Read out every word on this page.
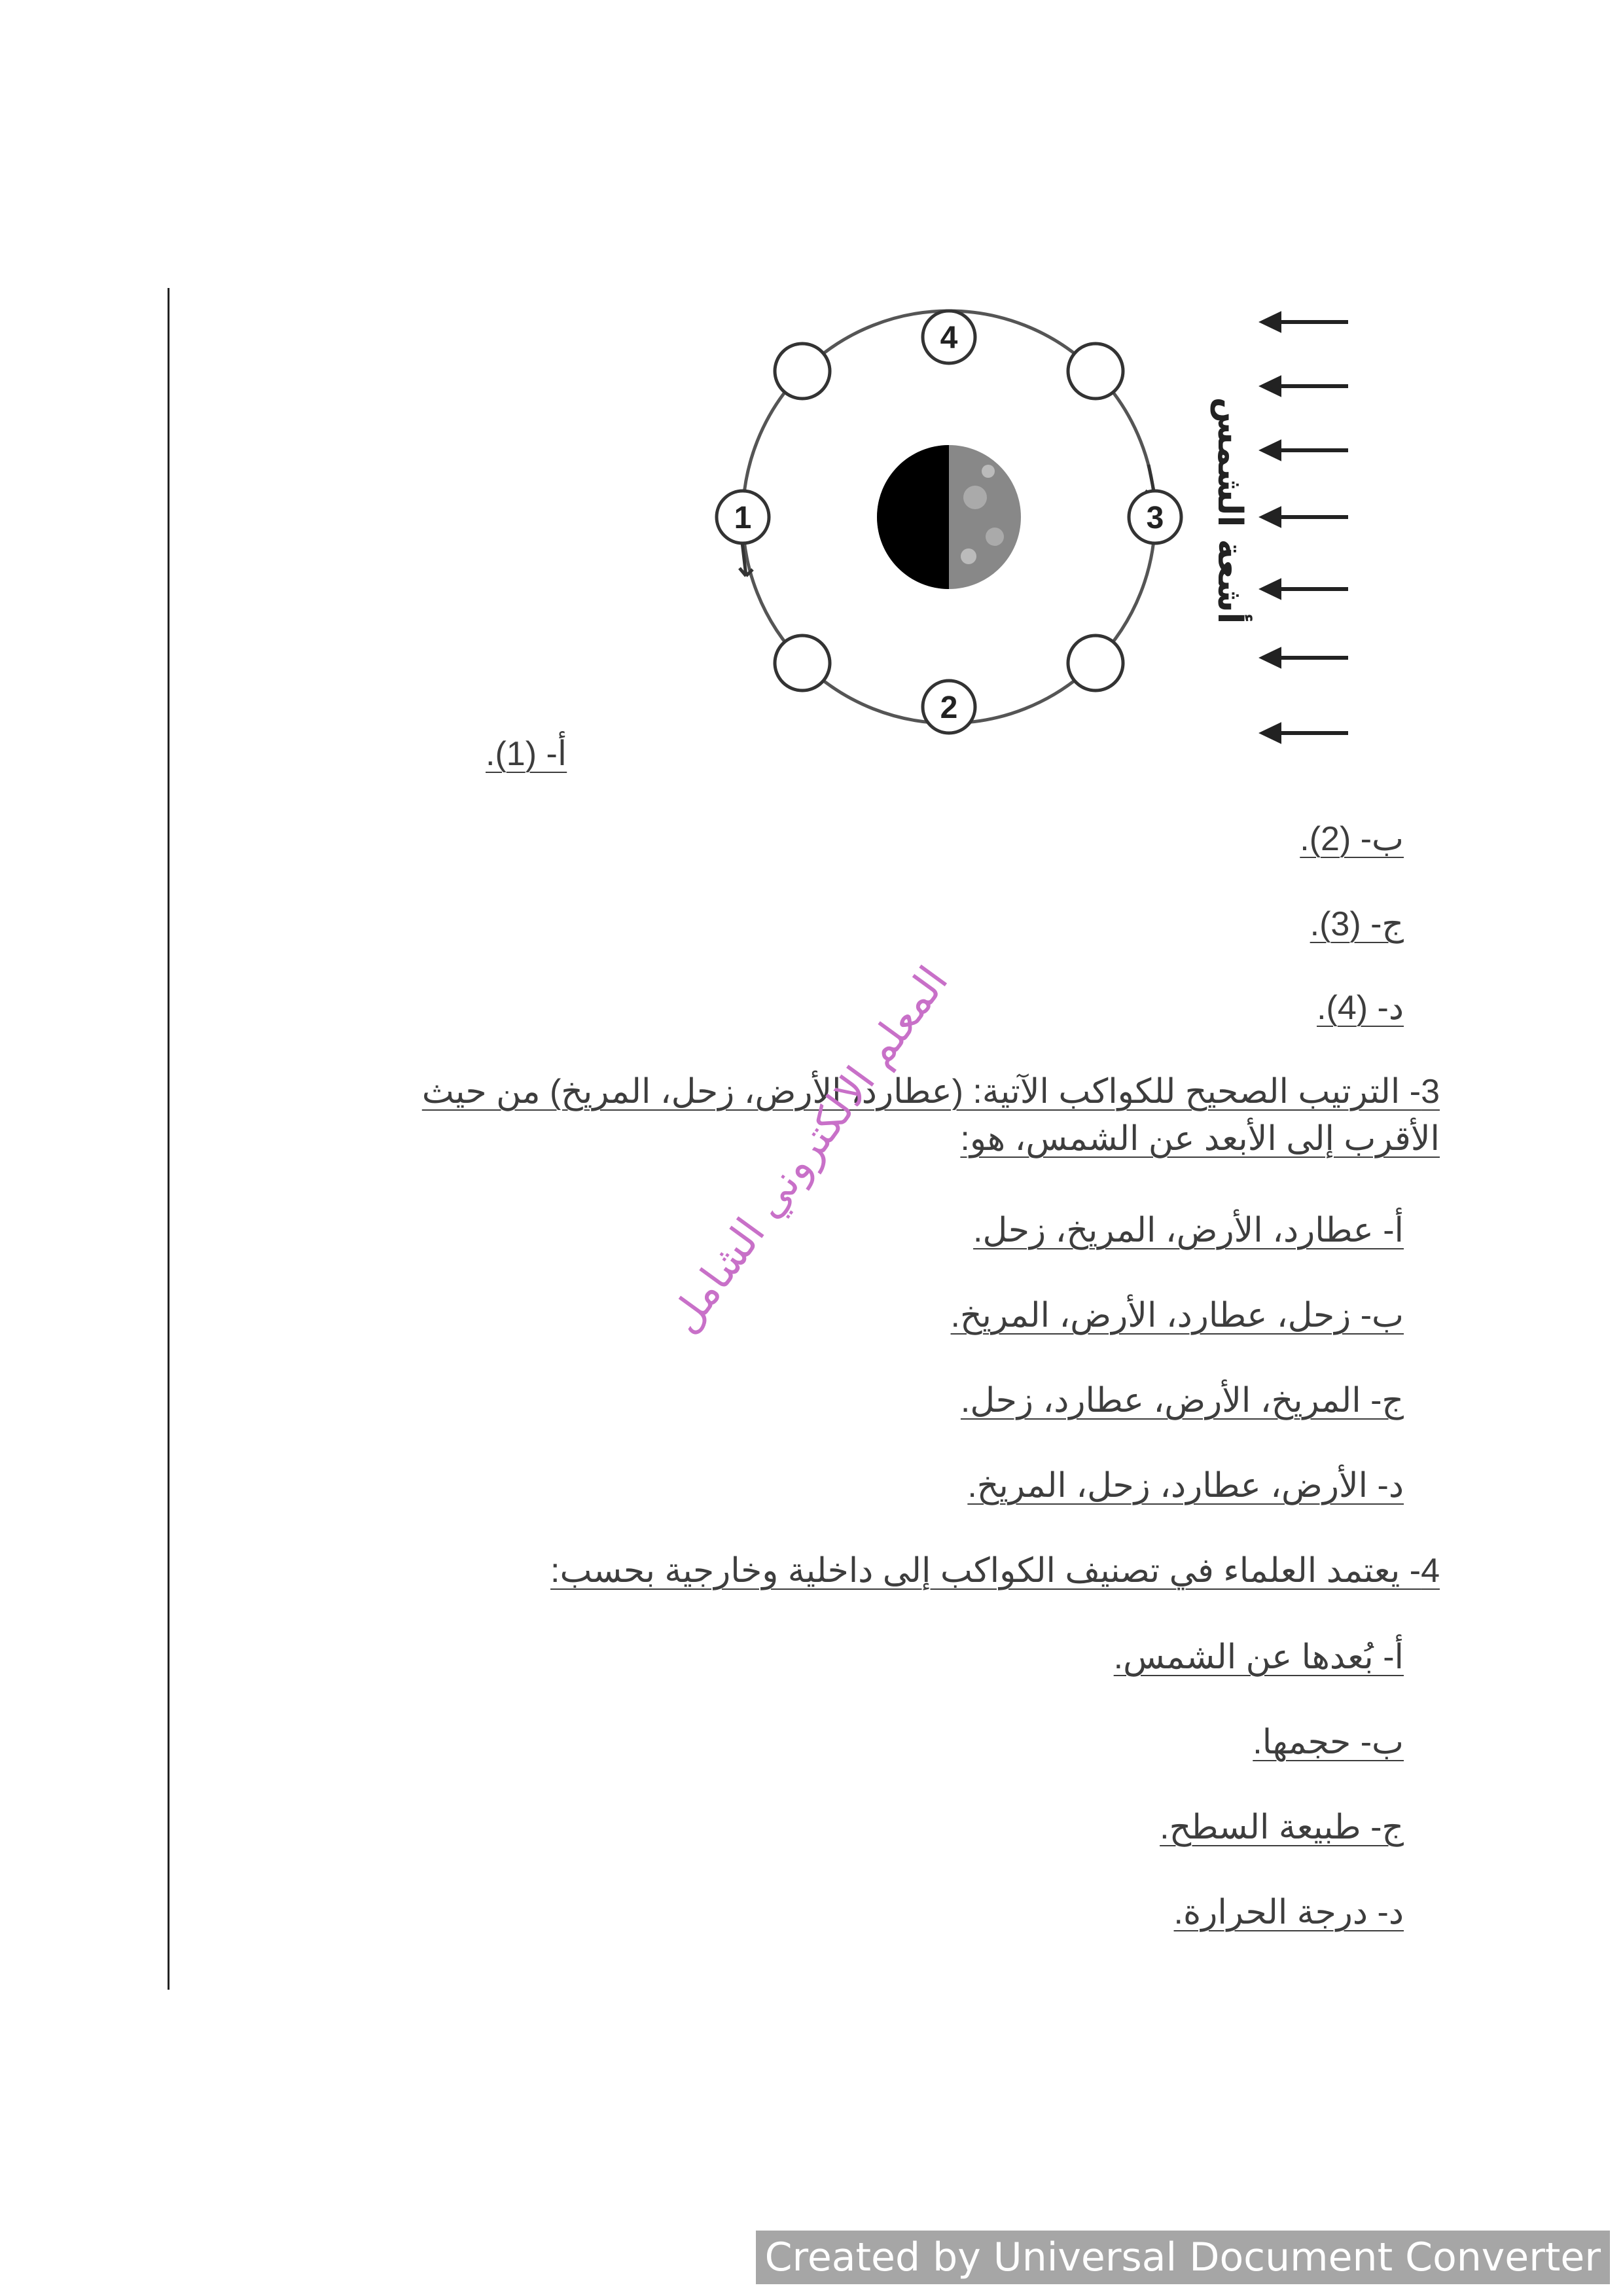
4
2
1	3 أشعة الشمس
أ- (1).
ب- (2).
ج- (3).
د- (4).
3- الترتيب الصحيح للكواكب الآتية: (عطارد، الأرض، زحل، المريخ) من حيث
الأقرب إلى الأبعد عن الشمس، هو:
أ- عطارد، الأرض، المريخ، زحل.
ب- زحل، عطارد، الأرض، المريخ.
ج- المريخ، الأرض، عطارد، زحل.
د- الأرض، عطارد، زحل، المريخ.
4- يعتمد العلماء في تصنيف الكواكب إلى داخلية وخارجية بحسب:
أ- بُعدها عن الشمس.
ب- حجمها.
ج- طبيعة السطح.
د- درجة الحرارة.
المعلم الالكتروني الشامل
Created by Universal Document Converter
